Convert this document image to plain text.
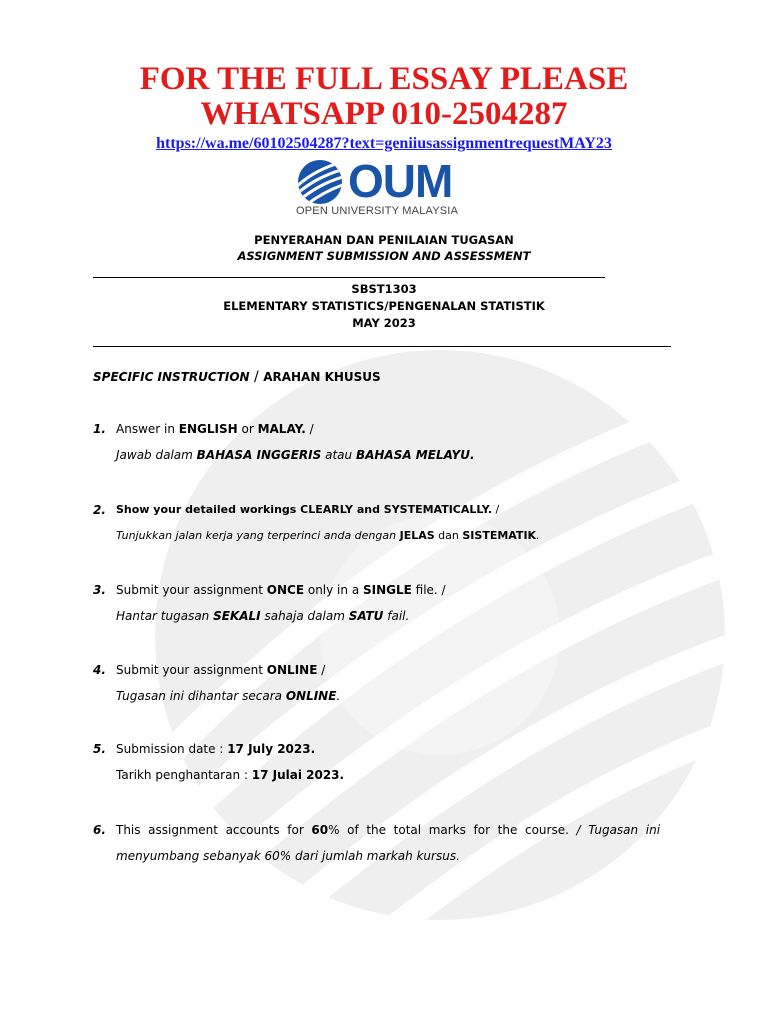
FOR THE FULL ESSAY PLEASE
WHATSAPP 010-2504287
https://wa.me/60102504287?text=geniiusassignmentrequestMAY23
OUM
OPEN UNIVERSITY MALAYSIA
PENYERAHAN DAN PENILAIAN TUGASAN
ASSIGNMENT SUBMISSION AND ASSESSMENT
SBST1303
ELEMENTARY STATISTICS/PENGENALAN STATISTIK
MAY 2023
SPECIFIC INSTRUCTION / ARAHAN KHUSUS
1. Answer in ENGLISH or MALAY. /
Jawab dalam BAHASA INGGERIS atau BAHASA MELAYU.
2. Show your detailed workings CLEARLY and SYSTEMATICALLY. /
Tunjukkan jalan kerja yang terperinci anda dengan JELAS dan SISTEMATIK.
3. Submit your assignment ONCE only in a SINGLE file. /
Hantar tugasan SEKALI sahaja dalam SATU fail.
4. Submit your assignment ONLINE /
Tugasan ini dihantar secara ONLINE.
5. Submission date : 17 July 2023.
Tarikh penghantaran : 17 Julai 2023.
6. This  assignment  accounts  for  60%  of  the  total  marks  for  the  course.  /  Tugasan  ini
menyumbang sebanyak 60% dari jumlah markah kursus.
